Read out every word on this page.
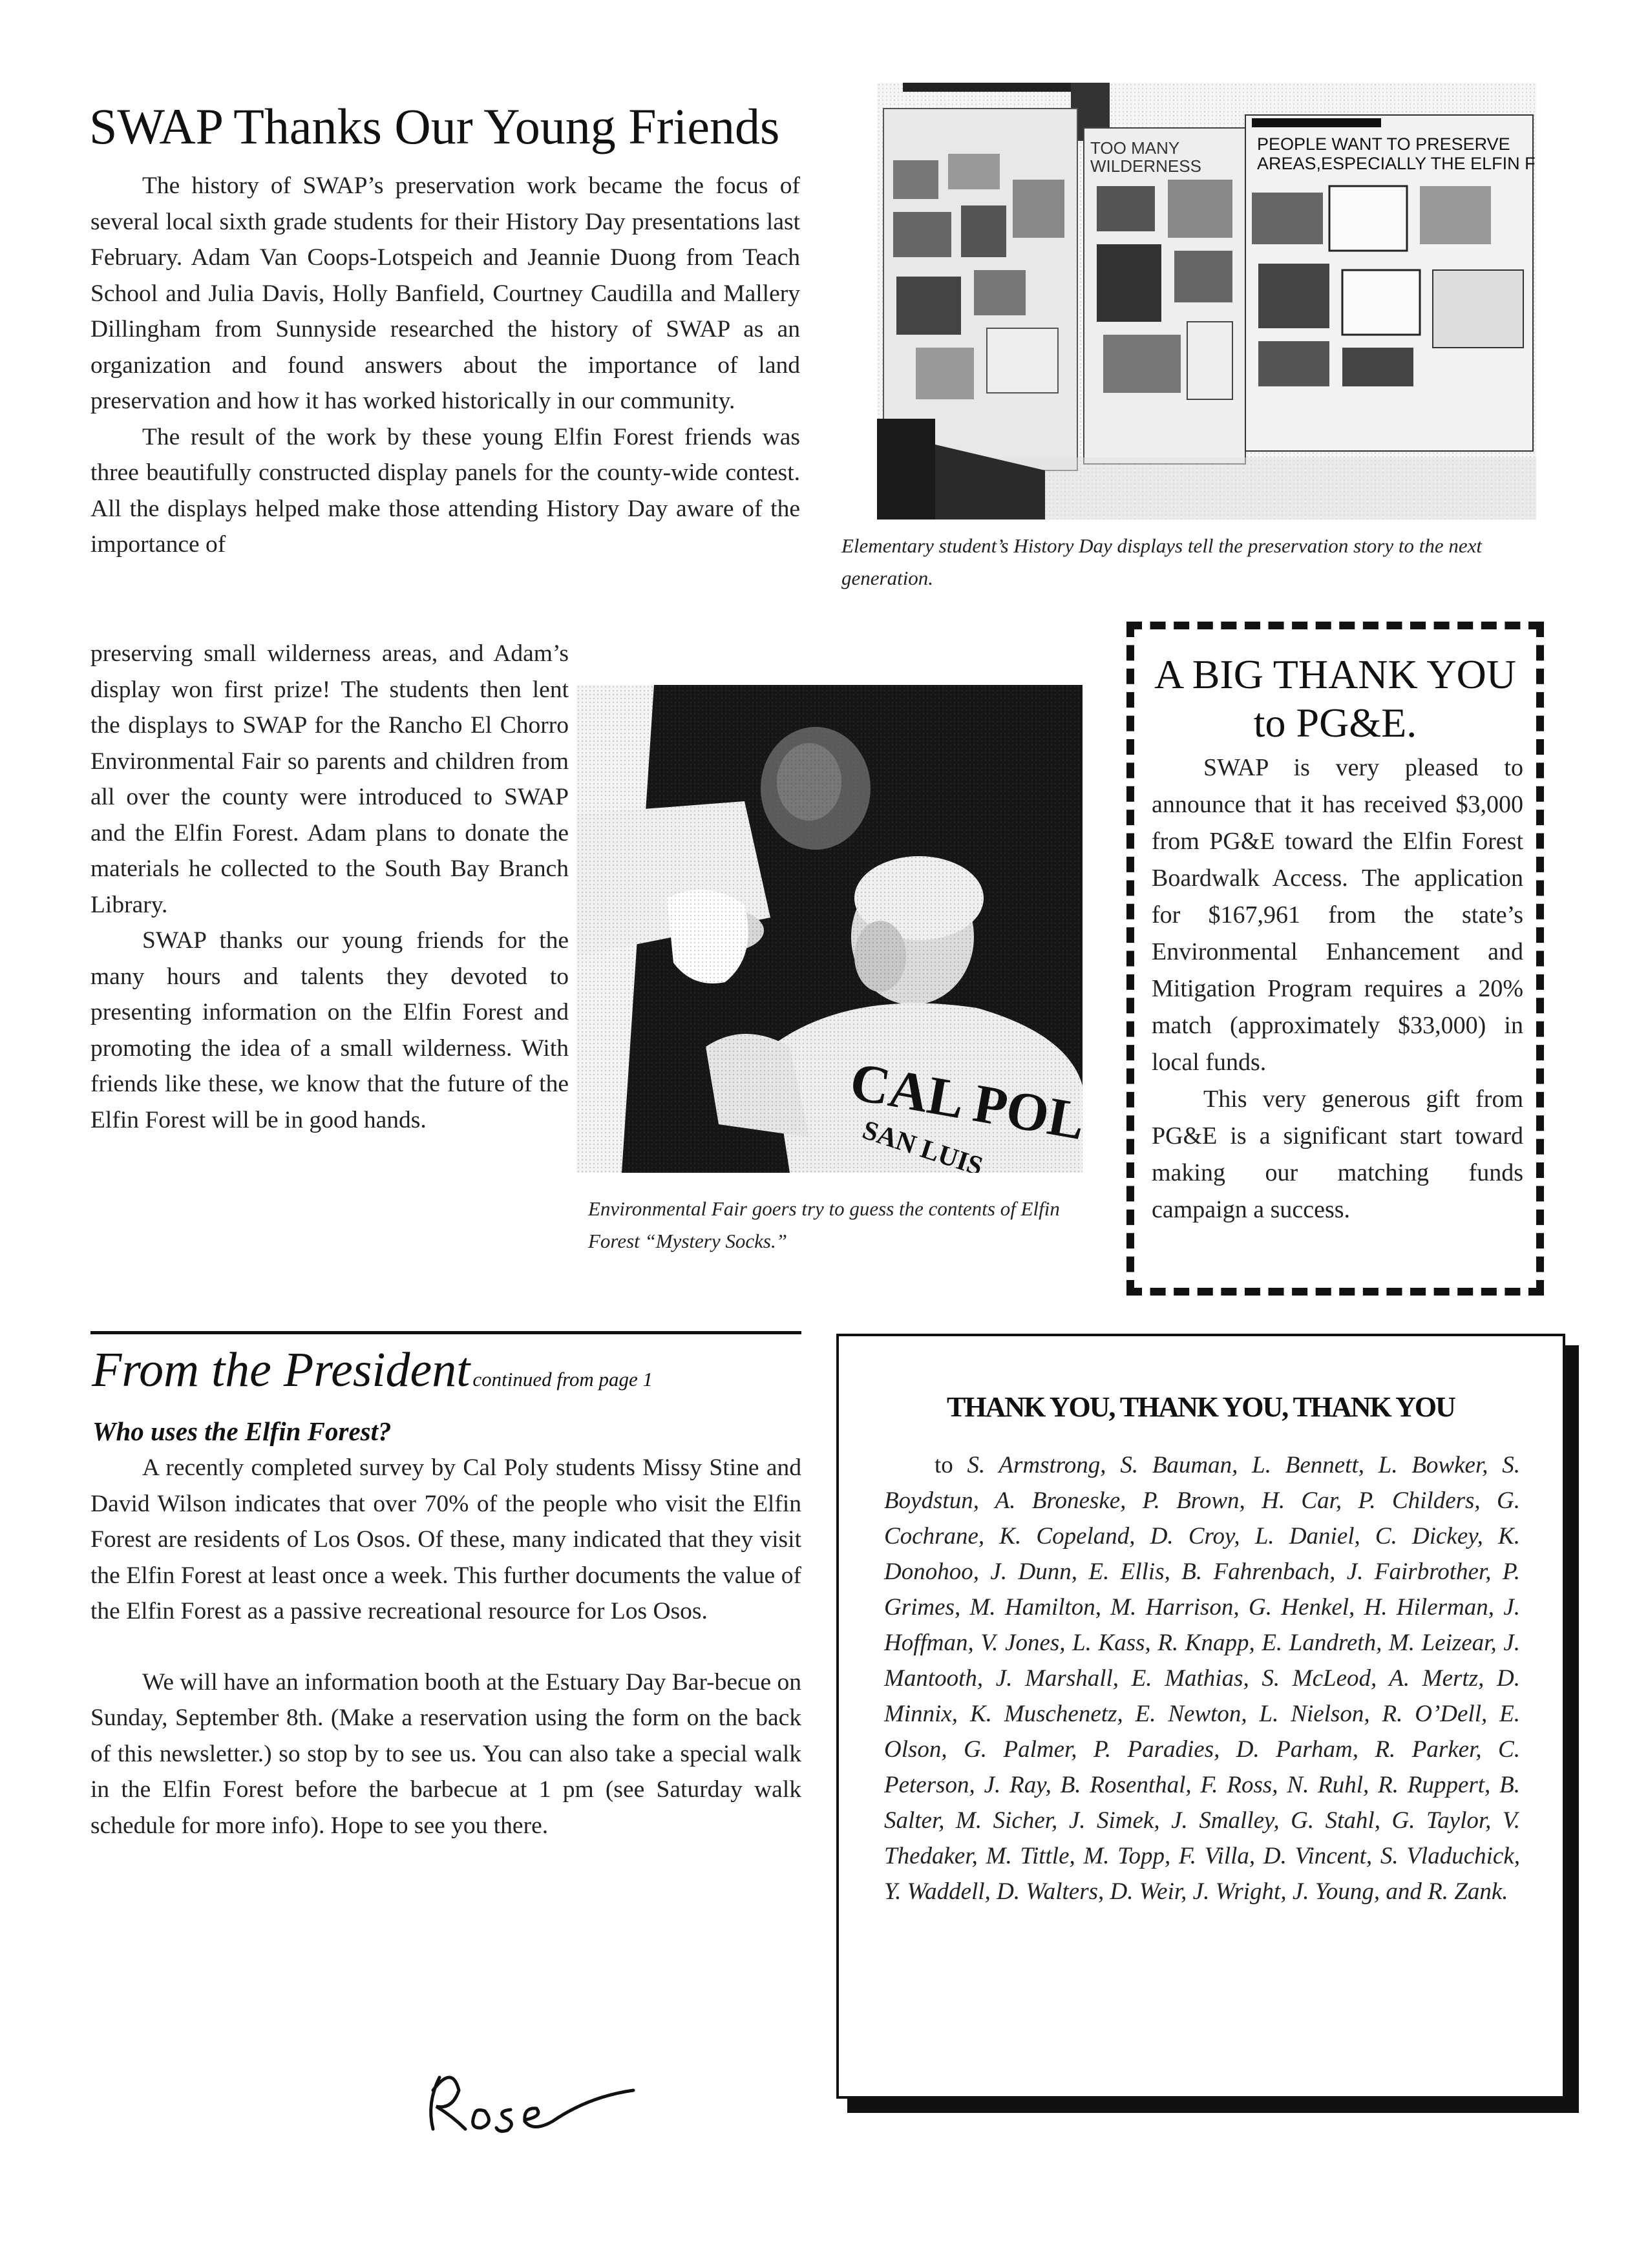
SWAP Thanks Our Young Friends

The history of SWAP’s preservation work became the focus of several local sixth grade students for their History Day presentations last February. Adam Van Coops-Lotspeich and Jeannie Duong from Teach School and Julia Davis, Holly Banfield, Courtney Caudilla and Mallery Dillingham from Sunnyside researched the history of SWAP as an organization and found answers about the importance of land preservation and how it has worked historically in our community.

The result of the work by these young Elfin Forest friends was three beautifully constructed display panels for the county-wide contest. All the displays helped make those attending History Day aware of the importance of

preserving small wilderness areas, and Adam’s display won first prize! The students then lent the displays to SWAP for the Rancho El Chorro Environmental Fair so parents and children from all over the county were introduced to SWAP and the Elfin Forest. Adam plans to donate the materials he collected to the South Bay Branch Library.

SWAP thanks our young friends for the many hours and talents they devoted to presenting information on the Elfin Forest and promoting the idea of a small wilderness. With friends like these, we know that the future of the Elfin Forest will be in good hands.

TOO MANY
WILDERNESS
PEOPLE WANT TO PRESERVE
AREAS,ESPECIALLY THE ELFIN F
Elementary student’s History Day displays tell the preservation story to the next generation.
CAL POLY
SAN LUIS
Environmental Fair goers try to guess the contents of Elfin Forest “Mystery Socks.”
A BIG THANK YOU to PG&E.

SWAP is very pleased to announce that it has received $3,000 from PG&E toward the Elfin Forest Boardwalk Access. The application for $167,961 from the state’s Environmental Enhancement and Mitigation Program requires a 20% match (approximately $33,000) in local funds.

This very generous gift from PG&E is a significant start toward making our matching funds campaign a success.

From the President continued from page 1
Who uses the Elfin Forest?

A recently completed survey by Cal Poly students Missy Stine and David Wilson indicates that over 70% of the people who visit the Elfin Forest are residents of Los Osos. Of these, many indicated that they visit the Elfin Forest at least once a week. This further documents the value of the Elfin Forest as a passive recreational resource for Los Osos.

We will have an information booth at the Estuary Day Bar-becue on Sunday, September 8th. (Make a reservation using the form on the back of this newsletter.) so stop by to see us. You can also take a special walk in the Elfin Forest before the barbecue at 1 pm (see Saturday walk schedule for more info). Hope to see you there.

THANK YOU, THANK YOU, THANK YOU

to S. Armstrong, S. Bauman, L. Bennett, L. Bowker, S. Boydstun, A. Broneske, P. Brown, H. Car, P. Childers, G. Cochrane, K. Copeland, D. Croy, L. Daniel, C. Dickey, K. Donohoo, J. Dunn, E. Ellis, B. Fahrenbach, J. Fairbrother, P. Grimes, M. Hamilton, M. Harrison, G. Henkel, H. Hilerman, J. Hoffman, V. Jones, L. Kass, R. Knapp, E. Landreth, M. Leizear, J. Mantooth, J. Marshall, E. Mathias, S. McLeod, A. Mertz, D. Minnix, K. Muschenetz, E. Newton, L. Nielson, R. O’Dell, E. Olson, G. Palmer, P. Paradies, D. Parham, R. Parker, C. Peterson, J. Ray, B. Rosenthal, F. Ross, N. Ruhl, R. Ruppert, B. Salter, M. Sicher, J. Simek, J. Smalley, G. Stahl, G. Taylor, V. Thedaker, M. Tittle, M. Topp, F. Villa, D. Vincent, S. Vladuchick, Y. Waddell, D. Walters, D. Weir, J. Wright, J. Young, and R. Zank.
